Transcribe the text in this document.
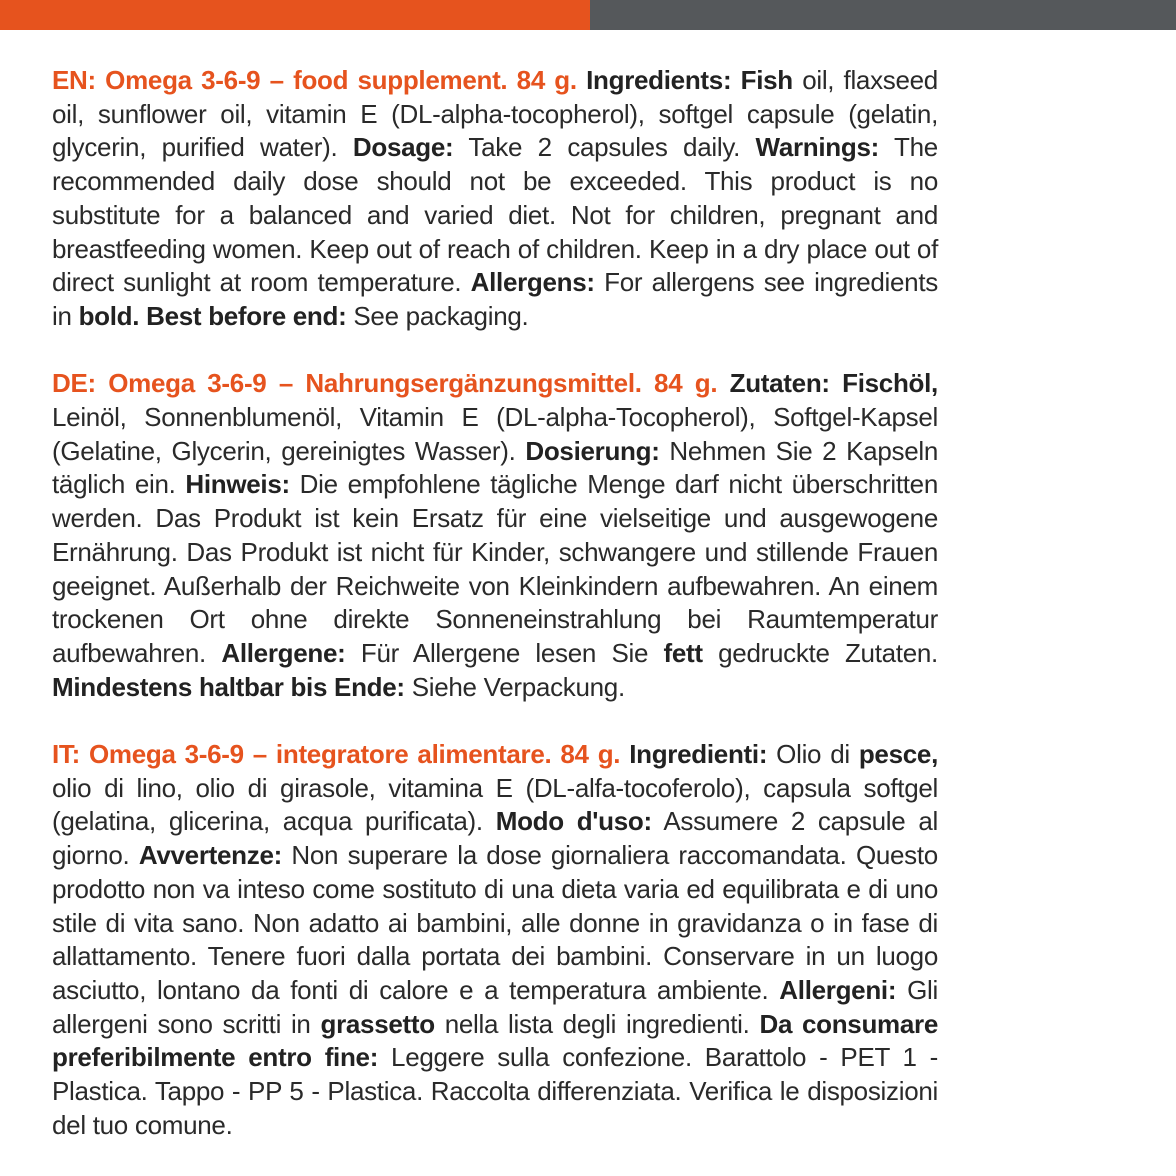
EN: Omega 3-6-9 – food supplement. 84 g. Ingredients: Fish oil, flaxseed oil, sunflower oil, vitamin E (DL-alpha-tocopherol), softgel capsule (gelatin, glycerin, purified water). Dosage: Take 2 capsules daily. Warnings: The recommended daily dose should not be exceeded. This product is no substitute for a balanced and varied diet. Not for children, pregnant and breastfeeding women. Keep out of reach of children. Keep in a dry place out of direct sunlight at room temperature. Allergens: For allergens see ingredients in bold. Best before end: See packaging.

DE: Omega 3-6-9 – Nahrungsergänzungsmittel. 84 g. Zutaten: Fischöl, Leinöl, Sonnenblumenöl, Vitamin E (DL-alpha-Tocopherol), Softgel-Kapsel (Gelatine, Glycerin, gereinigtes Wasser). Dosierung: Nehmen Sie 2 Kapseln täglich ein. Hinweis: Die empfohlene tägliche Menge darf nicht überschritten werden. Das Produkt ist kein Ersatz für eine vielseitige und ausgewogene Ernährung. Das Produkt ist nicht für Kinder, schwangere und stillende Frauen geeignet. Außerhalb der Reichweite von Kleinkindern aufbewahren. An einem trockenen Ort ohne direkte Sonneneinstrahlung bei Raumtemperatur aufbewahren. Allergene: Für Allergene lesen Sie fett gedruckte Zutaten. Mindestens haltbar bis Ende: Siehe Verpackung.

IT: Omega 3-6-9 – integratore alimentare. 84 g. Ingredienti: Olio di pesce, olio di lino, olio di girasole, vitamina E (DL-alfa-tocoferolo), capsula softgel (gelatina, glicerina, acqua purificata). Modo d'uso: Assumere 2 capsule al giorno. Avvertenze: Non superare la dose giornaliera raccomandata. Questo prodotto non va inteso come sostituto di una dieta varia ed equilibrata e di uno stile di vita sano. Non adatto ai bambini, alle donne in gravidanza o in fase di allattamento. Tenere fuori dalla portata dei bambini. Conservare in un luogo asciutto, lontano da fonti di calore e a temperatura ambiente. Allergeni: Gli allergeni sono scritti in grassetto nella lista degli ingredienti. Da consumare preferibilmente entro fine: Leggere sulla confezione. Barattolo - PET 1 - Plastica. Tappo - PP 5 - Plastica. Raccolta differenziata. Verifica le disposizioni del tuo comune.
